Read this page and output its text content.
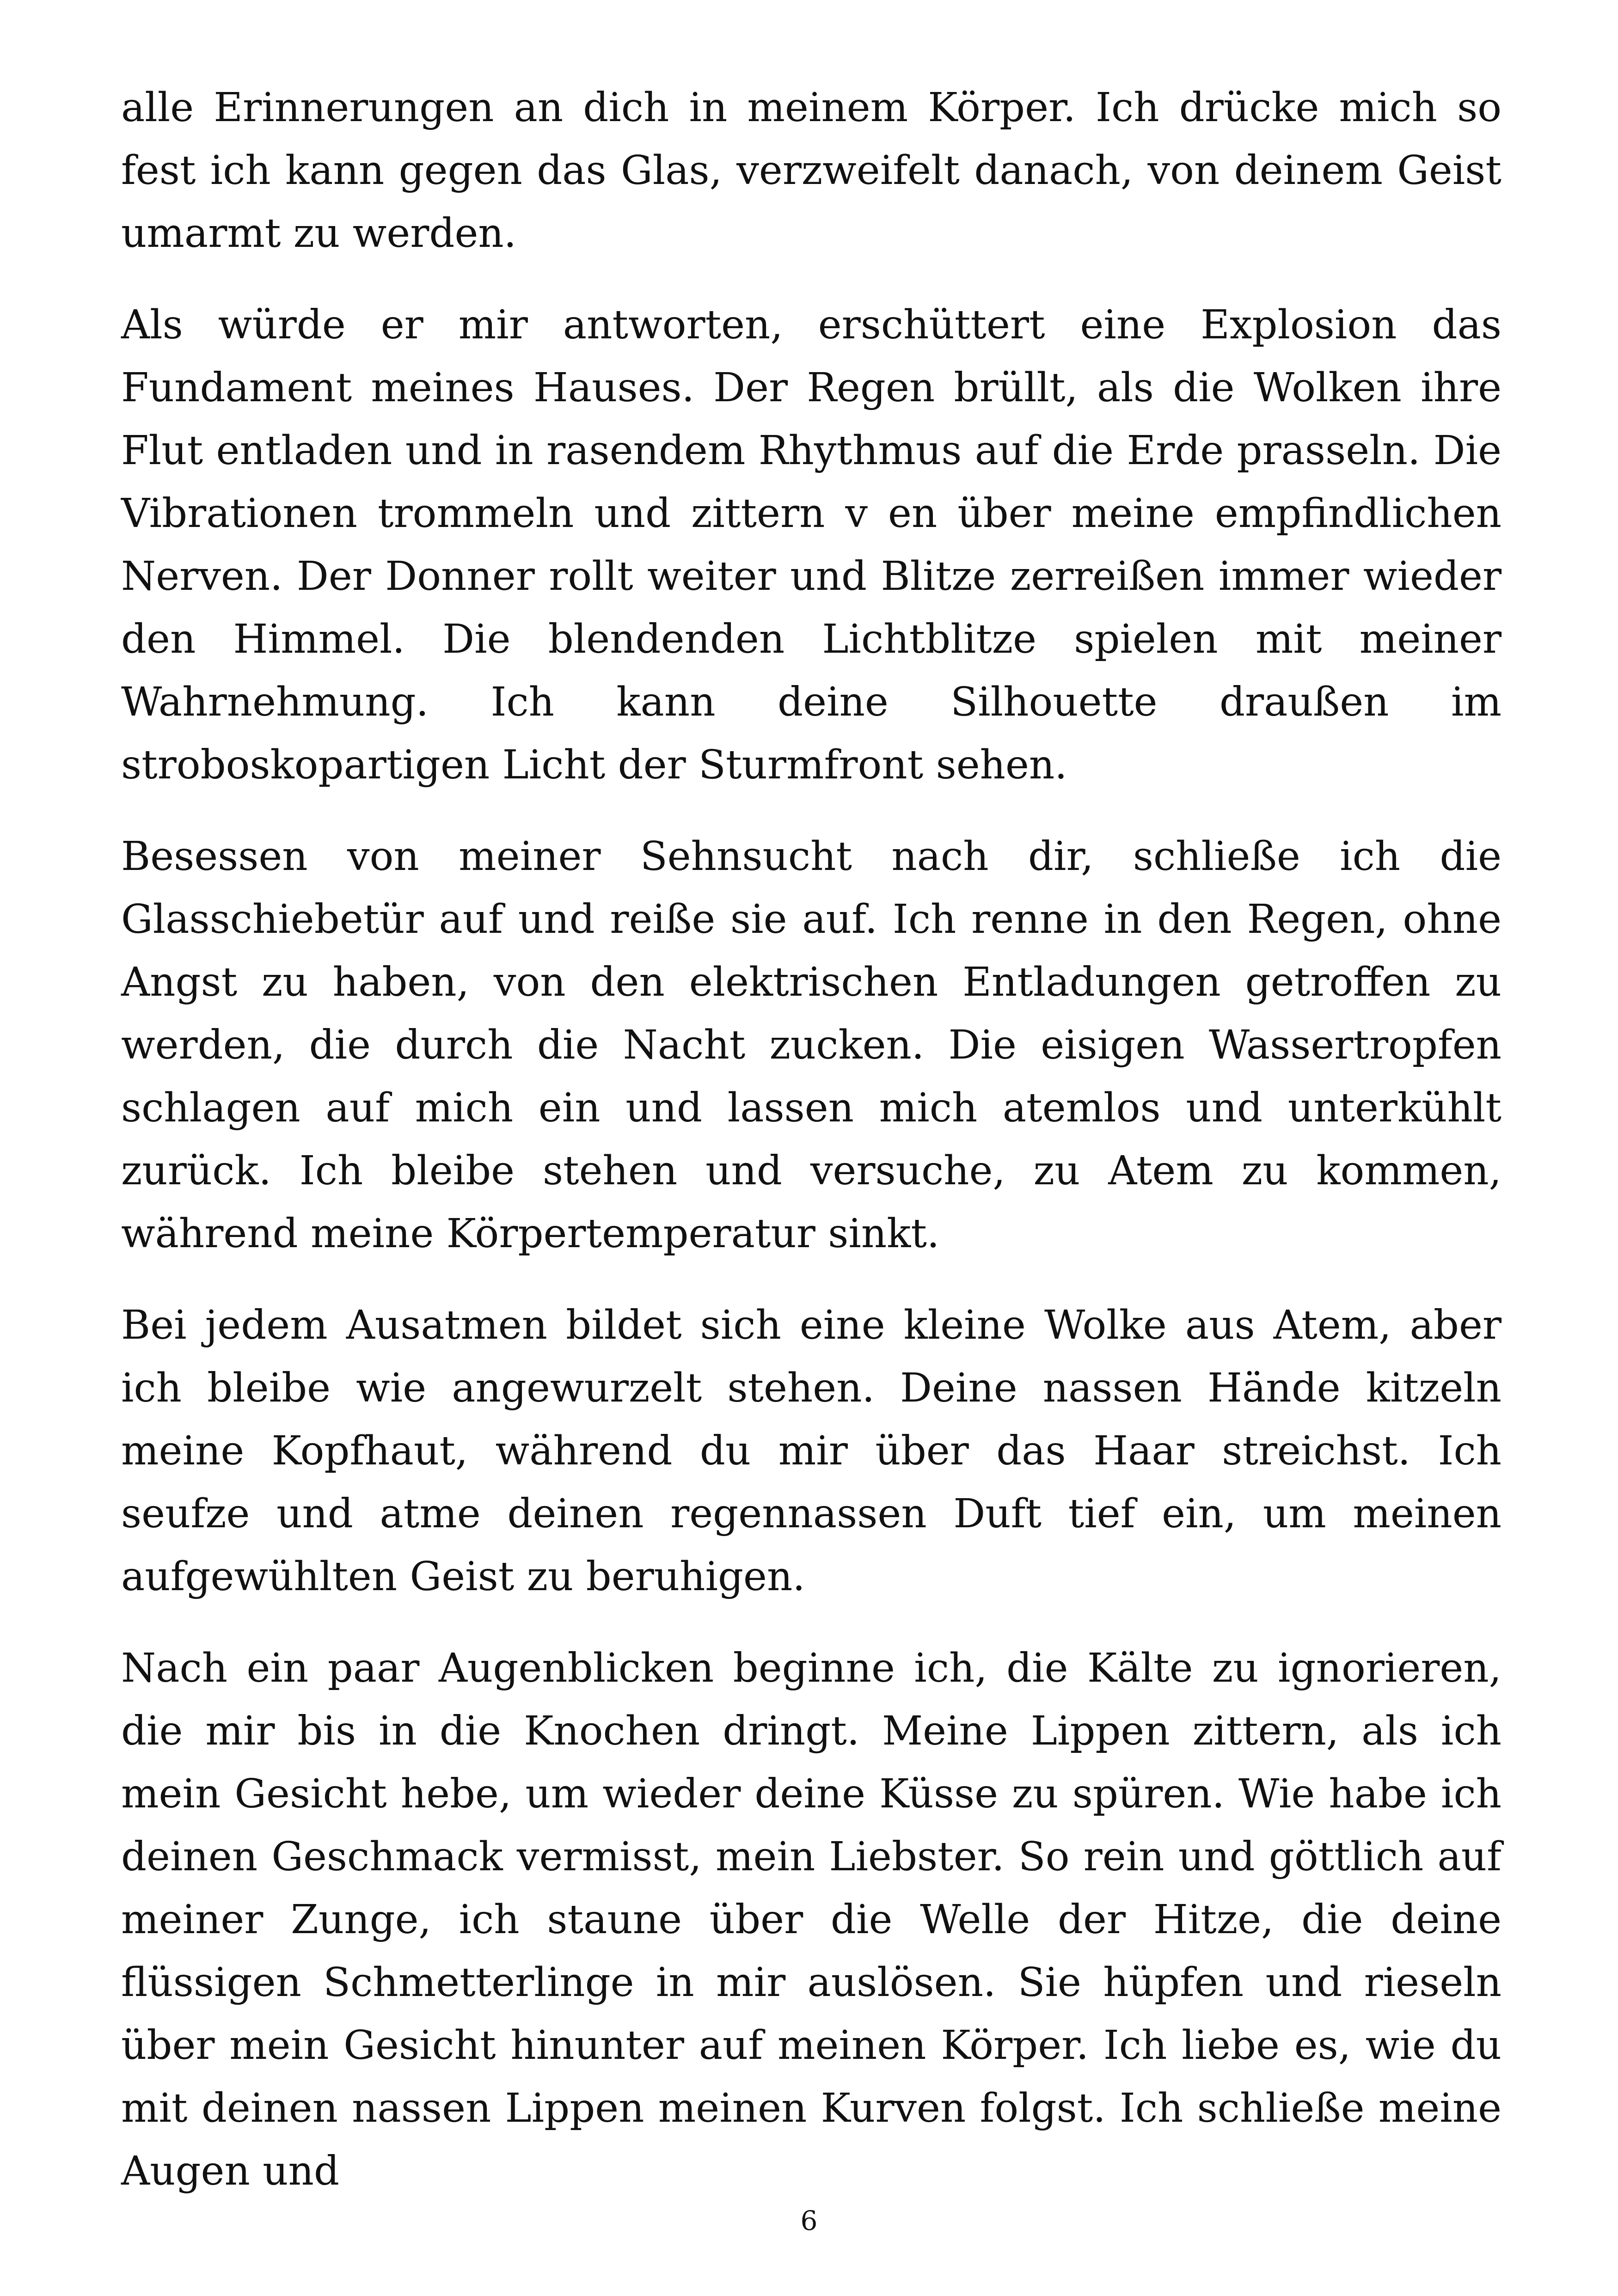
alle Erinnerungen an dich in meinem Körper. Ich drücke mich so fest ich kann gegen das Glas, verzweifelt danach, von deinem Geist umarmt zu werden.

Als würde er mir antworten, erschüttert eine Explosion das Fundament meines Hauses. Der Regen brüllt, als die Wolken ihre Flut entladen und in rasendem Rhythmus auf die Erde prasseln. Die Vibrationen trommeln und zittern v en über meine empfindlichen Nerven. Der Donner rollt weiter und Blitze zerreißen immer wieder den Himmel. Die blendenden Lichtblitze spielen mit meiner Wahrnehmung. Ich kann deine Silhouette draußen im stroboskopartigen Licht der Sturmfront sehen.

Besessen von meiner Sehnsucht nach dir, schließe ich die Glasschiebetür auf und reiße sie auf. Ich renne in den Regen, ohne Angst zu haben, von den elektrischen Entladungen getroffen zu werden, die durch die Nacht zucken. Die eisigen Wassertropfen schlagen auf mich ein und lassen mich atemlos und unterkühlt zurück. Ich bleibe stehen und versuche, zu Atem zu kommen, während meine Körpertemperatur sinkt.

Bei jedem Ausatmen bildet sich eine kleine Wolke aus Atem, aber ich bleibe wie angewurzelt stehen. Deine nassen Hände kitzeln meine Kopfhaut, während du mir über das Haar streichst. Ich seufze und atme deinen regennassen Duft tief ein, um meinen aufgewühlten Geist zu beruhigen.

Nach ein paar Augenblicken beginne ich, die Kälte zu ignorieren, die mir bis in die Knochen dringt. Meine Lippen zittern, als ich mein Gesicht hebe, um wieder deine Küsse zu spüren. Wie habe ich deinen Geschmack vermisst, mein Liebster. So rein und göttlich auf meiner Zunge, ich staune über die Welle der Hitze, die deine flüssigen Schmetterlinge in mir auslösen. Sie hüpfen und rieseln über mein Gesicht hinunter auf meinen Körper. Ich liebe es, wie du mit deinen nassen Lippen meinen Kurven folgst. Ich schließe meine Augen und

6
